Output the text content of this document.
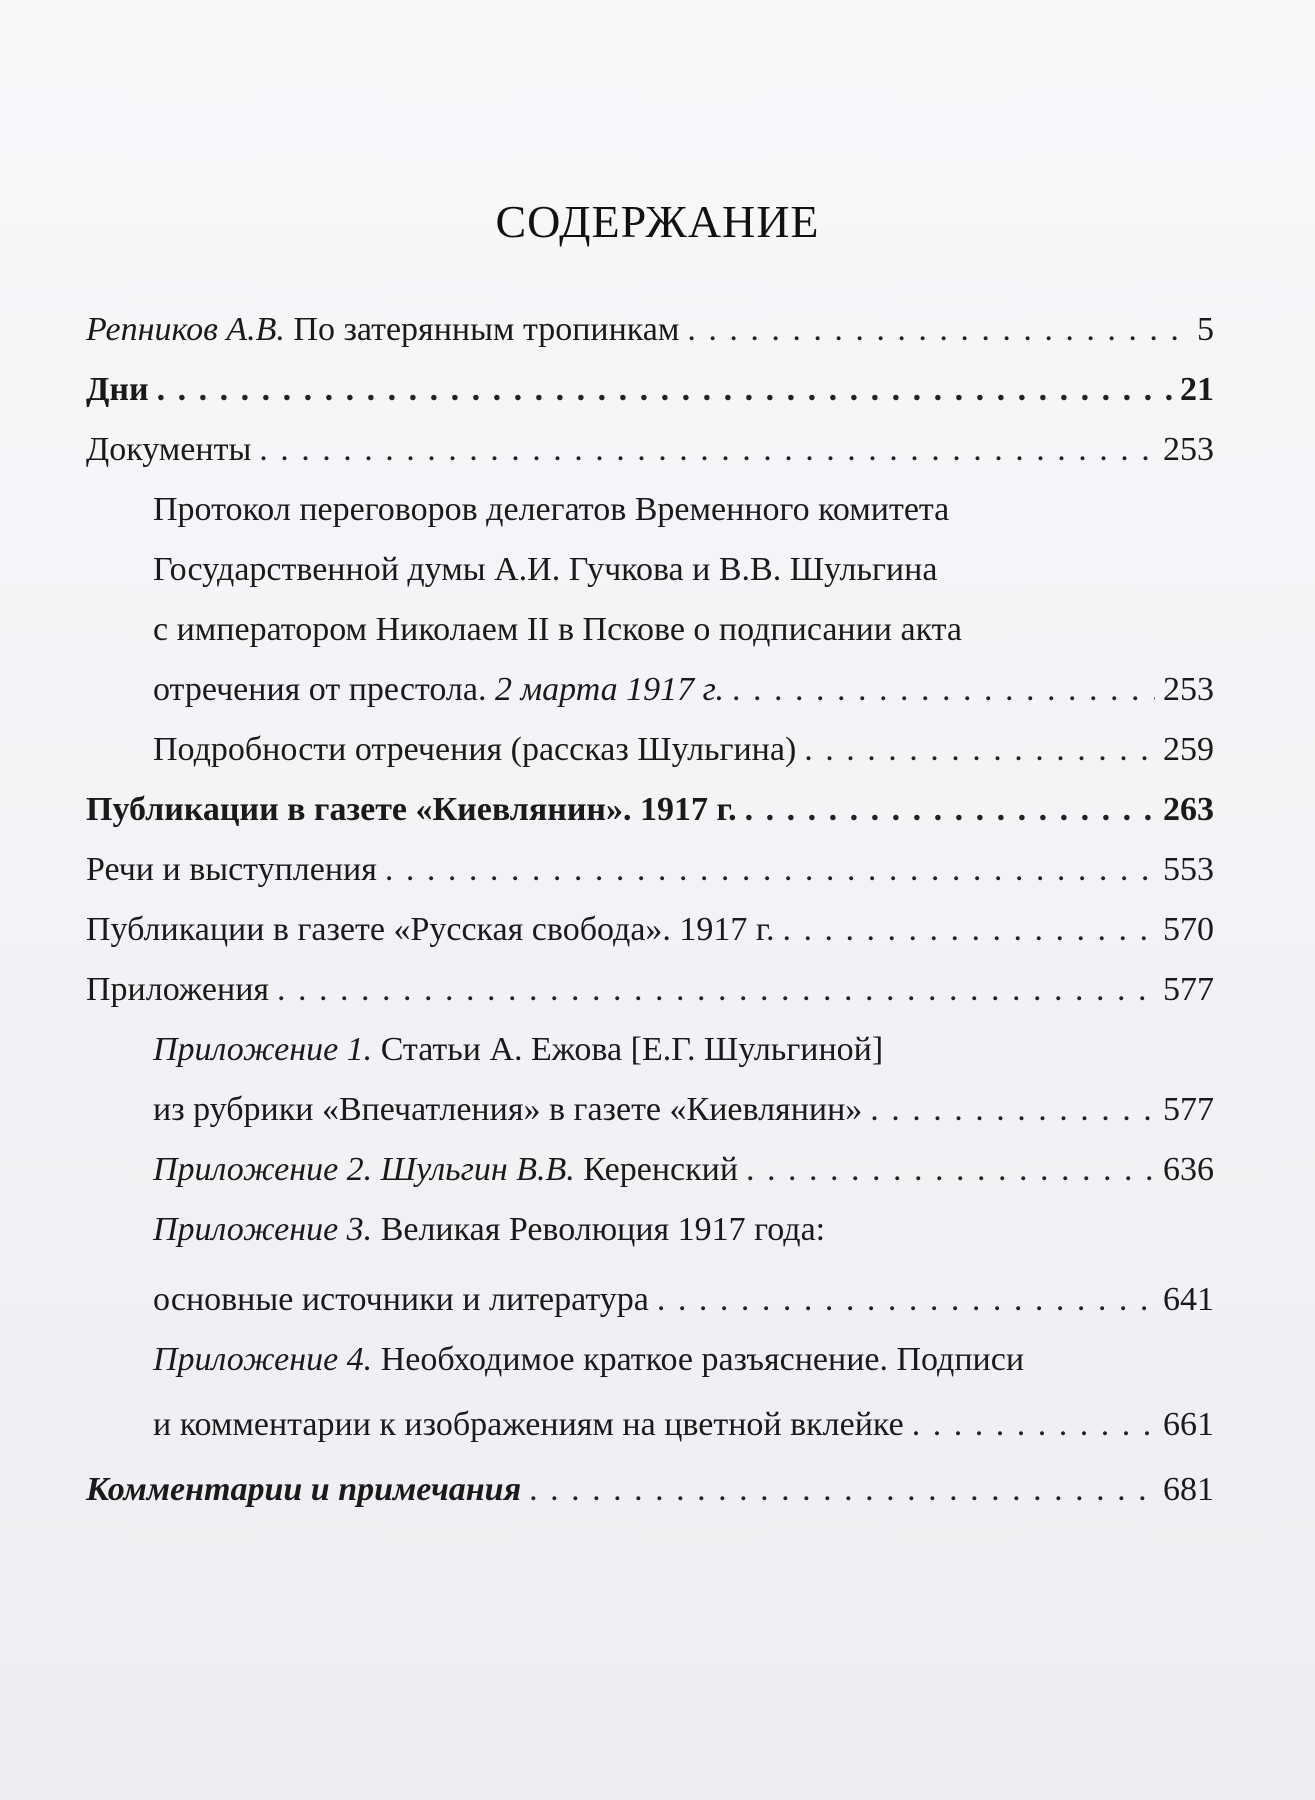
СОДЕРЖАНИЕ
Репников А.В. По затерянным тропинкам . . .	5
Дни . . .	21
Документы . . .	253
Протокол переговоров делегатов Временного комитета
Государственной думы А.И. Гучкова и В.В. Шульгина
с императором Николаем II в Пскове о подписании акта
отречения от престола. 2 марта 1917 г. . . .	253
Подробности отречения (рассказ Шульгина) . . .	259
Публикации в газете «Киевлянин». 1917 г. . . .	263
Речи и выступления . . .	553
Публикации в газете «Русская свобода». 1917 г. . . .	570
Приложения . . .	577
Приложение 1. Статьи А. Ежова [Е.Г. Шульгиной]
из рубрики «Впечатления» в газете «Киевлянин» . . .	577
Приложение 2. Шульгин В.В. Керенский . . .	636
Приложение 3. Великая Революция 1917 года:
основные источники и литература . . .	641
Приложение 4. Необходимое краткое разъяснение. Подписи
и комментарии к изображениям на цветной вклейке . . .	661
Комментарии и примечания . . .	681
